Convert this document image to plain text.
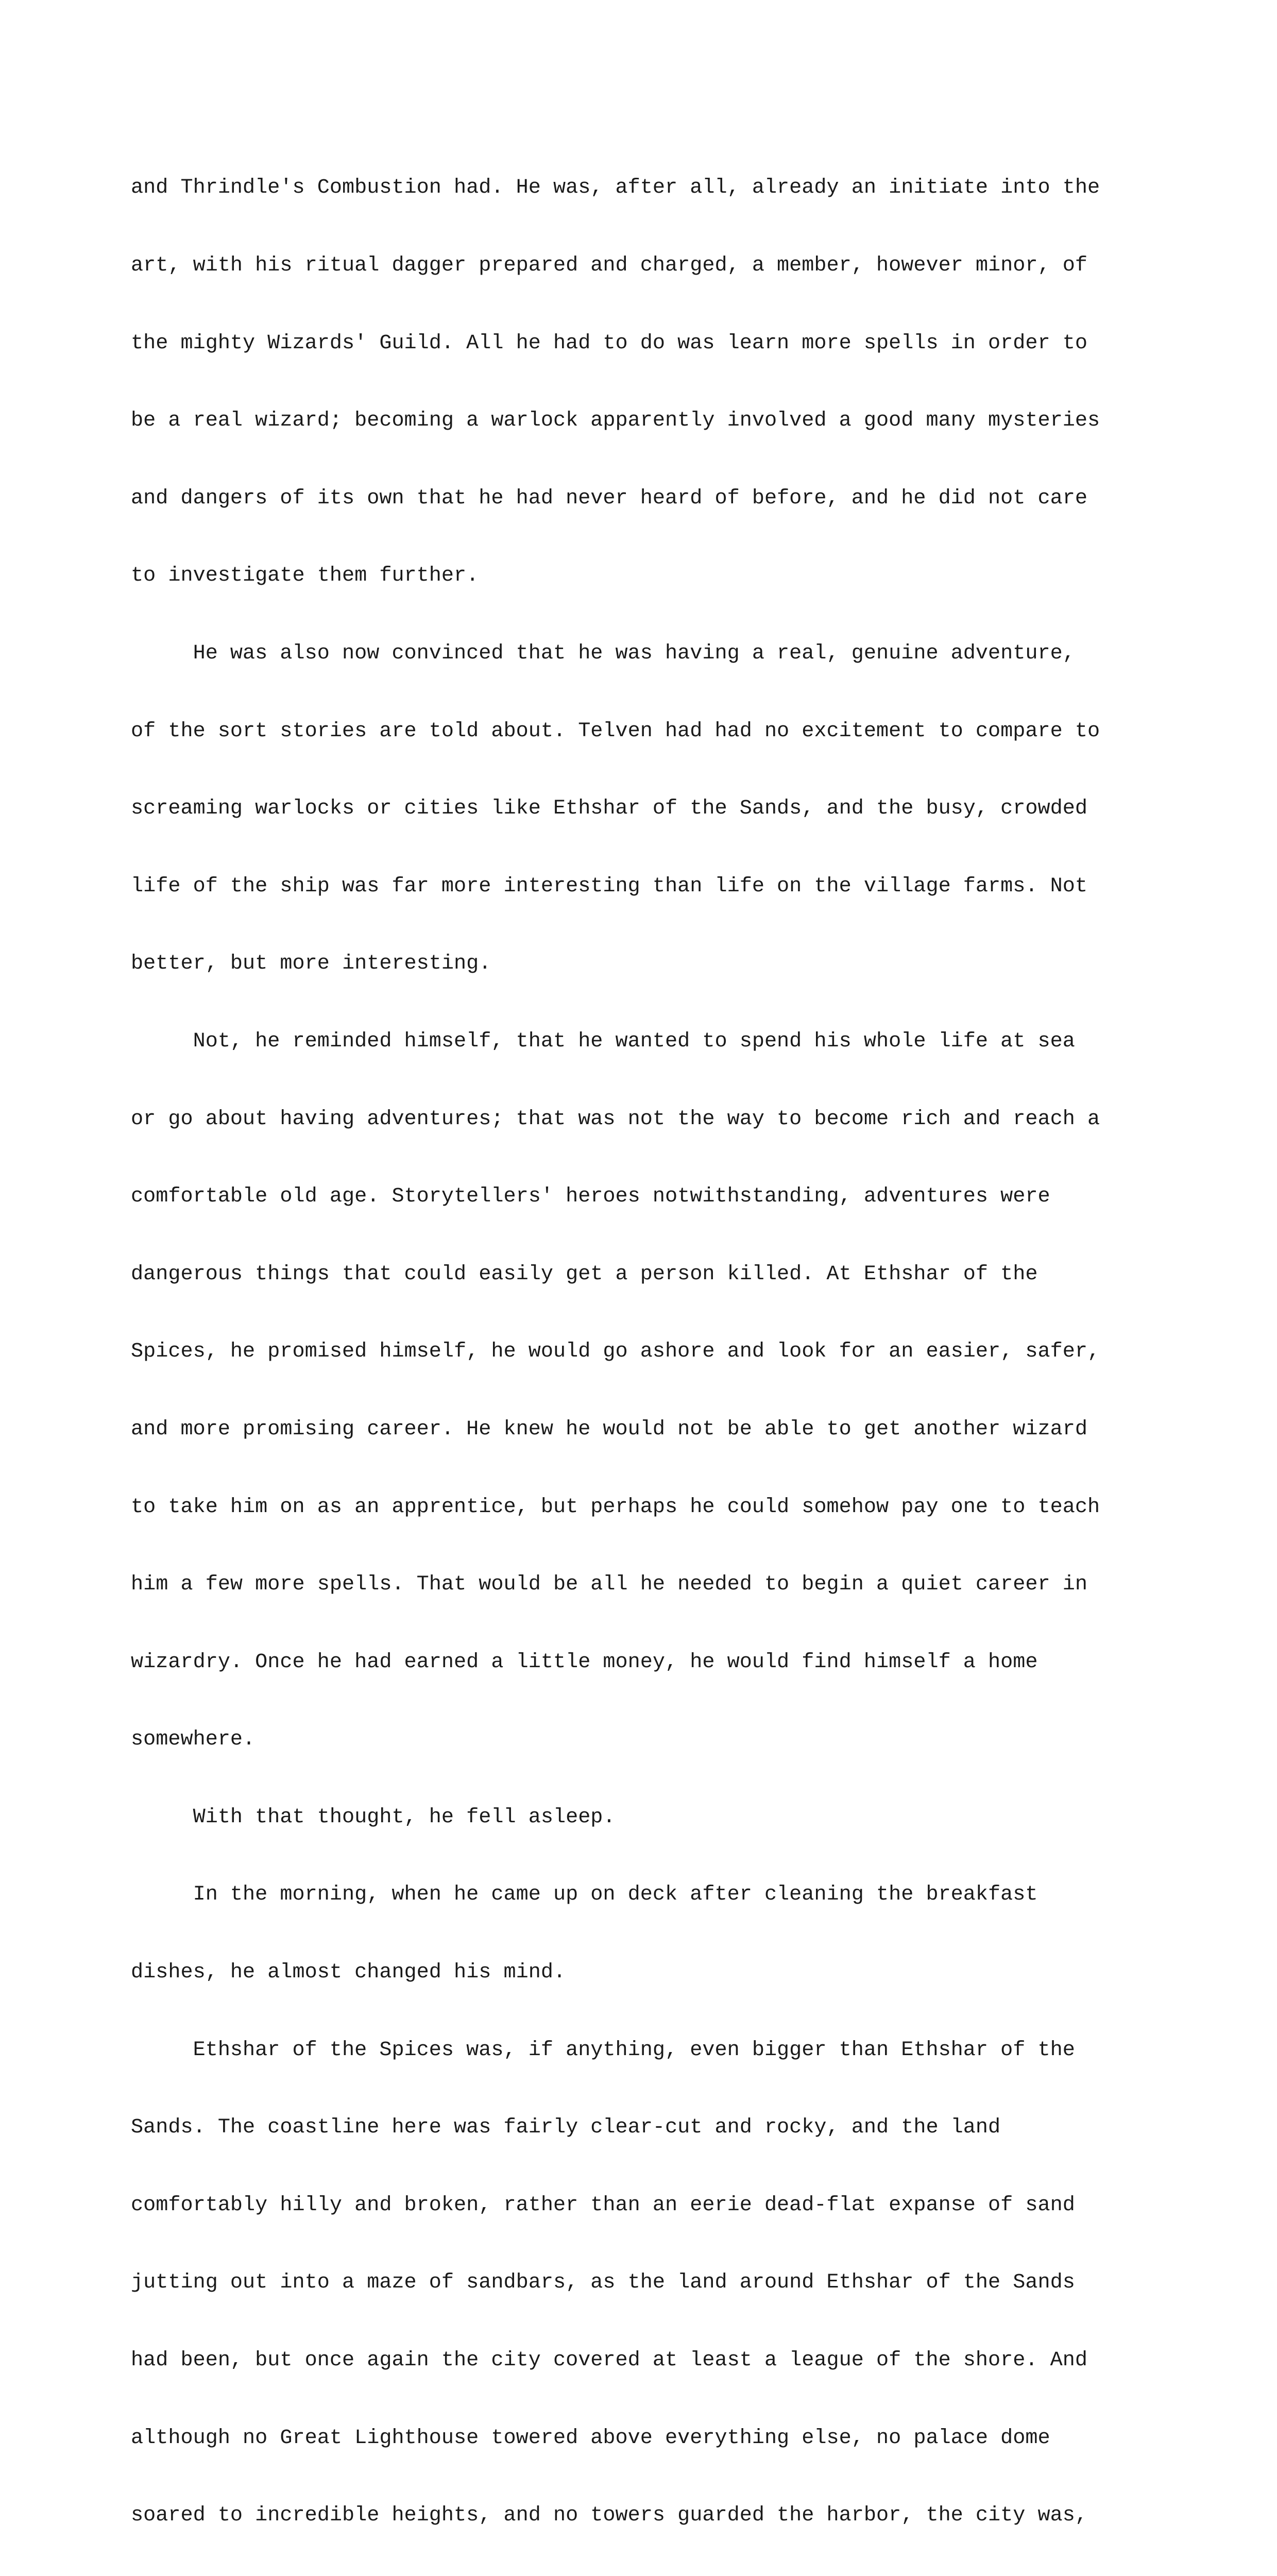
and Thrindle's Combustion had. He was, after all, already an initiate into the

art, with his ritual dagger prepared and charged, a member, however minor, of

the mighty Wizards' Guild. All he had to do was learn more spells in order to

be a real wizard; becoming a warlock apparently involved a good many mysteries

and dangers of its own that he had never heard of before, and he did not care

to investigate them further.

He was also now convinced that he was having a real, genuine adventure,

of the sort stories are told about. Telven had had no excitement to compare to

screaming warlocks or cities like Ethshar of the Sands, and the busy, crowded

life of the ship was far more interesting than life on the village farms. Not

better, but more interesting.

Not, he reminded himself, that he wanted to spend his whole life at sea

or go about having adventures; that was not the way to become rich and reach a

comfortable old age. Storytellers' heroes notwithstanding, adventures were

dangerous things that could easily get a person killed. At Ethshar of the

Spices, he promised himself, he would go ashore and look for an easier, safer,

and more promising career. He knew he would not be able to get another wizard

to take him on as an apprentice, but perhaps he could somehow pay one to teach

him a few more spells. That would be all he needed to begin a quiet career in

wizardry. Once he had earned a little money, he would find himself a home

somewhere.

With that thought, he fell asleep.

In the morning, when he came up on deck after cleaning the breakfast

dishes, he almost changed his mind.

Ethshar of the Spices was, if anything, even bigger than Ethshar of the

Sands. The coastline here was fairly clear-cut and rocky, and the land

comfortably hilly and broken, rather than an eerie dead-flat expanse of sand

jutting out into a maze of sandbars, as the land around Ethshar of the Sands

had been, but once again the city covered at least a league of the shore. And

although no Great Lighthouse towered above everything else, no palace dome

soared to incredible heights, and no towers guarded the harbor, the city was,
